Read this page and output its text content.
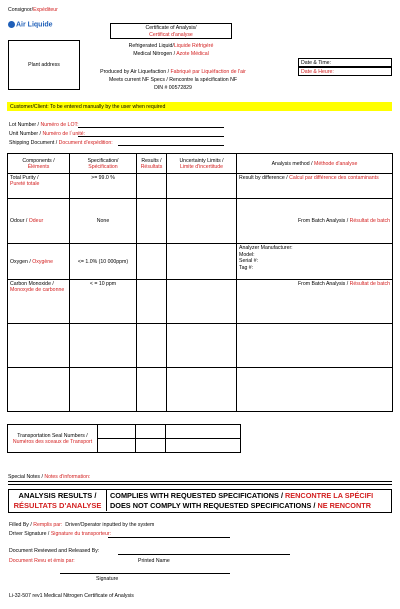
Consignor/Expéditeur
Air Liquide
Plant address
Certificate of Analysis/
Certificat d'analyse
Refrigerated Liquid/Liquide Réfrigéré
Medical Nitrogen / Azote Médical
Produced by Air Liquefaction / Fabriqué par Liquéfaction de l'air
Meets current NF Specs / Rencontre la spécification NF
DIN # 00572829
Date & Time:
Date & Heure:
Customer/Client: To be entered manually by the user when required
Lot Number / Numéro de LOT:
Unit Number / Numéro de l´unité:
Shipping Document / Document d'expédition:
Components /
Éléments	Specification/
Spécification	Results /
Résultats	Uncertainty Limits /
Limite d'incertitude	Analysis method / Méthode d'analyse
Total Purity /
Pureté totale	>= 99.0 %			Result by difference / Calcul par différence des contaminants
Odour / Odeur	None			From Batch Analysis / Résultat de batch
Oxygen / Oxygène	<= 1.0% (10 000ppm)			Analyzer Manufacturer:
Model:
Serial #:
Tag #:

Carbon Monoxide /
Monoxyde de carbonne	< = 10 ppm			From Batch Analysis / Résultat de batch

Transportation Seal Numbers /
Numéros des sceaux de Transport			

Special Notes / Notes d'information:
ANALYSIS RESULTS /
RÉSULTATS D'ANALYSE
COMPLIES WITH REQUESTED SPECIFICATIONS / RENCONTRE LA SPÉCIFI
DOES NOT COMPLY WITH REQUESTED SPECIFICATIONS / NE RENCONTR
Filled By / Remplis par: Driver/Operator inputted by the system
Driver Signature / Signature du transporteur:
Document Reviewed and Released By:
Document Revu et émis par:	Printed Name
Signature
Li-32-507 rev1 Medical Nitrogen Certificate of Analysis
